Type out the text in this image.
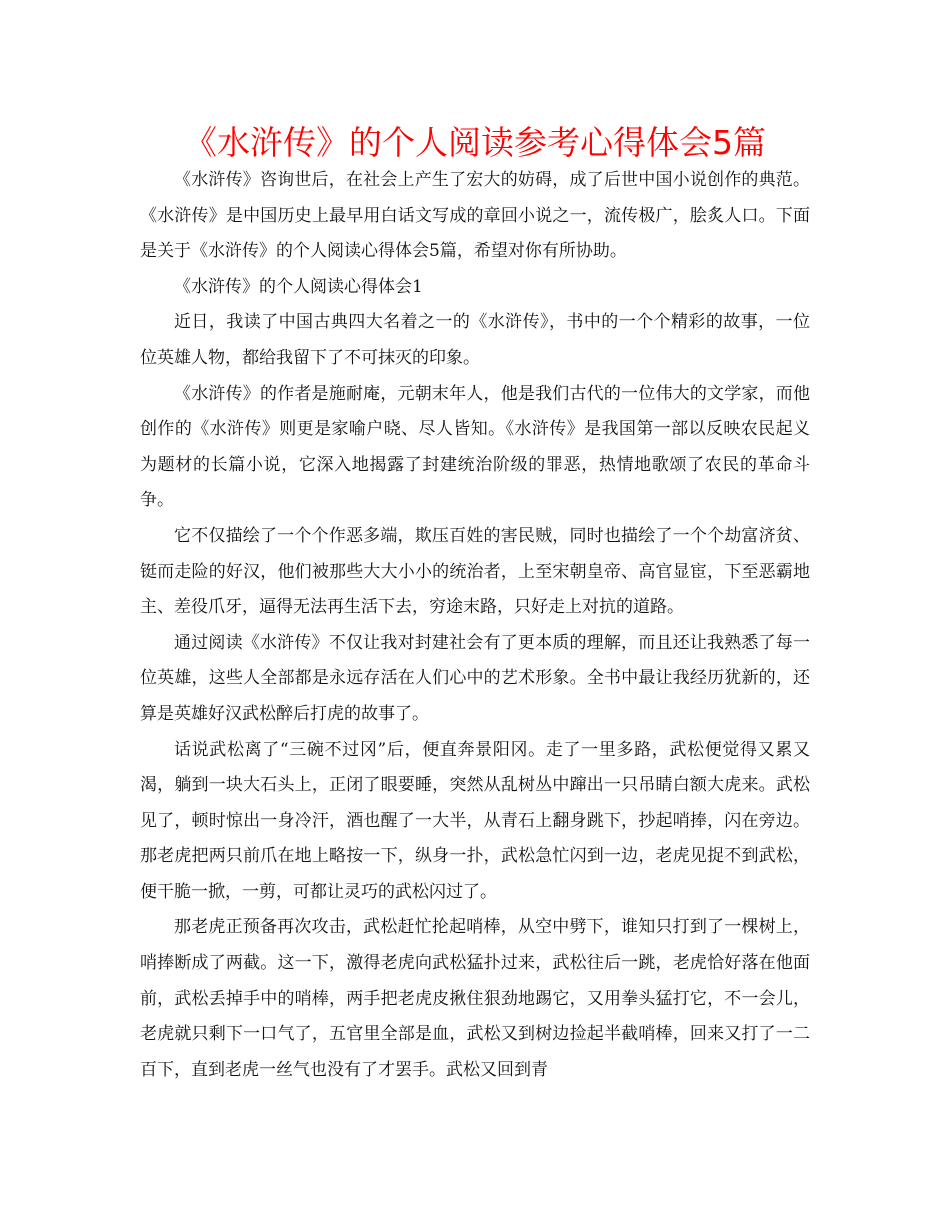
《水浒传》的个人阅读参考心得体会5篇

《水浒传》咨询世后，在社会上产生了宏大的妨碍，成了后世中国小说创作的典范。《水浒传》是中国历史上最早用白话文写成的章回小说之一，流传极广，脍炙人口。下面是关于《水浒传》的个人阅读心得体会5篇，希望对你有所协助。

《水浒传》的个人阅读心得体会1

近日，我读了中国古典四大名着之一的《水浒传》，书中的一个个精彩的故事，一位位英雄人物，都给我留下了不可抹灭的印象。

《水浒传》的作者是施耐庵，元朝末年人，他是我们古代的一位伟大的文学家，而他创作的《水浒传》则更是家喻户晓、尽人皆知。《水浒传》是我国第一部以反映农民起义为题材的长篇小说，它深入地揭露了封建统治阶级的罪恶，热情地歌颂了农民的革命斗争。

它不仅描绘了一个个作恶多端，欺压百姓的害民贼，同时也描绘了一个个劫富济贫、铤而走险的好汉，他们被那些大大小小的统治者，上至宋朝皇帝、高官显宦，下至恶霸地主、差役爪牙，逼得无法再生活下去，穷途末路，只好走上对抗的道路。

通过阅读《水浒传》不仅让我对封建社会有了更本质的理解，而且还让我熟悉了每一位英雄，这些人全部都是永远存活在人们心中的艺术形象。全书中最让我经历犹新的，还算是英雄好汉武松醉后打虎的故事了。

话说武松离了“三碗不过冈”后，便直奔景阳冈。走了一里多路，武松便觉得又累又渴，躺到一块大石头上，正闭了眼要睡，突然从乱树丛中蹿出一只吊睛白额大虎来。武松见了，顿时惊出一身冷汗，酒也醒了一大半，从青石上翻身跳下，抄起哨捧，闪在旁边。那老虎把两只前爪在地上略按一下，纵身一扑，武松急忙闪到一边，老虎见捉不到武松，便干脆一掀，一剪，可都让灵巧的武松闪过了。

那老虎正预备再次攻击，武松赶忙抡起哨棒，从空中劈下，谁知只打到了一棵树上，哨捧断成了两截。这一下，激得老虎向武松猛扑过来，武松往后一跳，老虎恰好落在他面前，武松丢掉手中的哨棒，两手把老虎皮揪住狠劲地踢它，又用拳头猛打它，不一会儿，老虎就只剩下一口气了，五官里全部是血，武松又到树边捡起半截哨棒，回来又打了一二百下，直到老虎一丝气也没有了才罢手。武松又回到青
